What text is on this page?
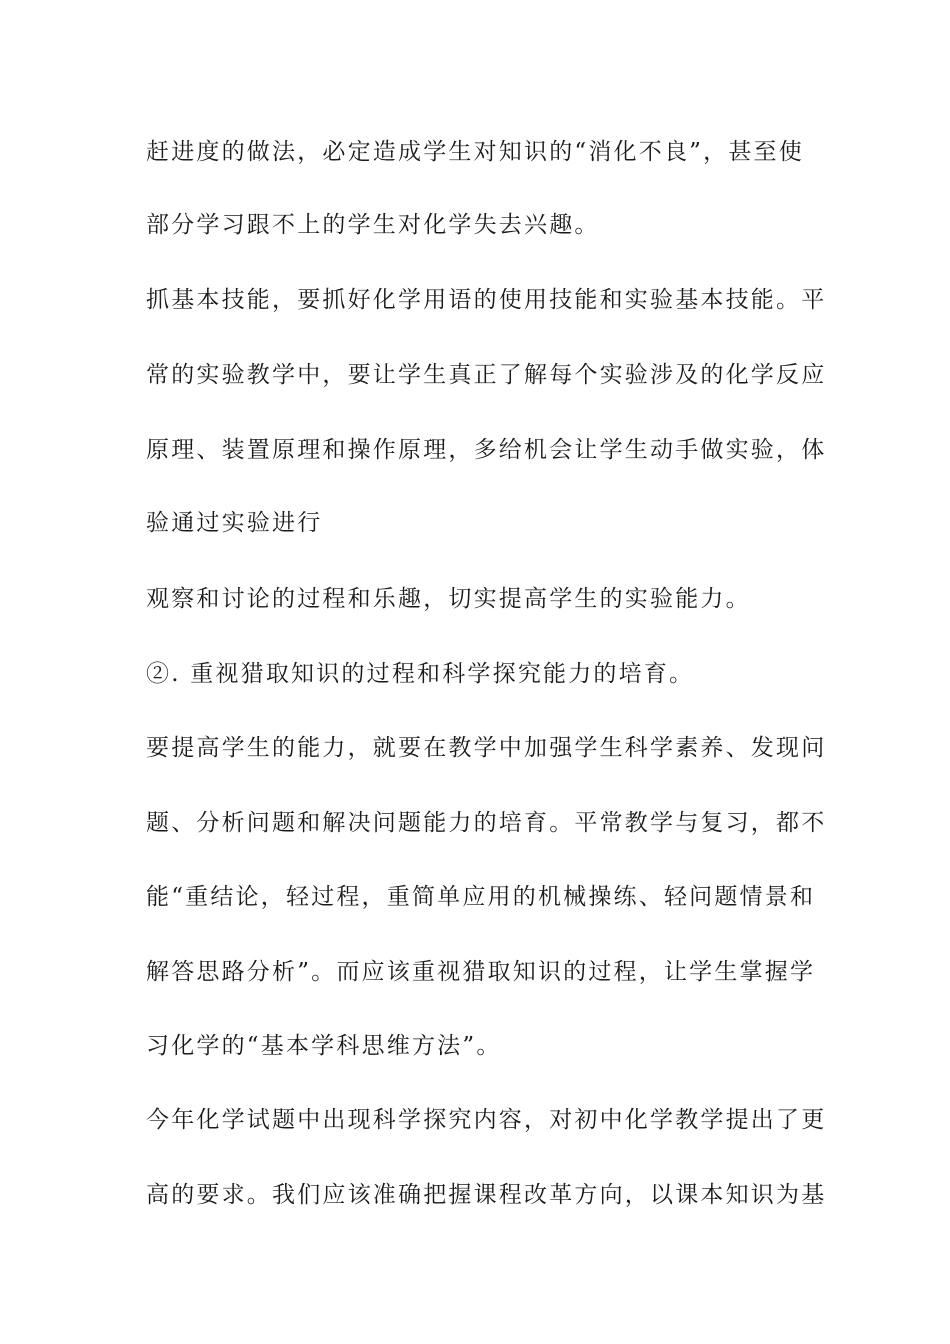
赶进度的做法，必定造成学生对知识的“消化不良”，甚至使
部分学习跟不上的学生对化学失去兴趣。
抓基本技能，要抓好化学用语的使用技能和实验基本技能。平
常的实验教学中，要让学生真正了解每个实验涉及的化学反应
原理、装置原理和操作原理，多给机会让学生动手做实验，体
验通过实验进行
观察和讨论的过程和乐趣，切实提高学生的实验能力。
②. 重视猎取知识的过程和科学探究能力的培育。
要提高学生的能力，就要在教学中加强学生科学素养、发现问
题、分析问题和解决问题能力的培育。平常教学与复习，都不
能“重结论，轻过程，重简单应用的机械操练、轻问题情景和
解答思路分析”。而应该重视猎取知识的过程，让学生掌握学
习化学的“基本学科思维方法”。
今年化学试题中出现科学探究内容，对初中化学教学提出了更
高的要求。我们应该准确把握课程改革方向，以课本知识为基
